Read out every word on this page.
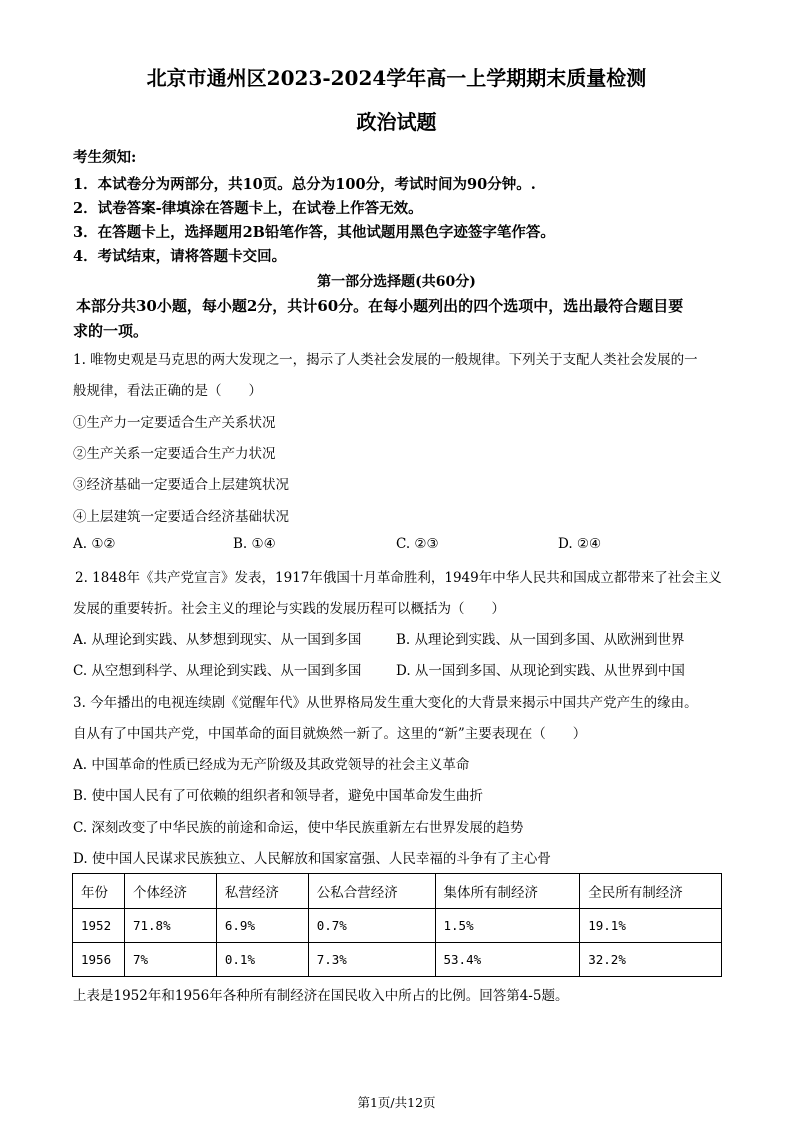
北京市通州区2023-2024学年高一上学期期末质量检测
政治试题
考生须知:
1．本试卷分为两部分，共10页。总分为100分，考试时间为90分钟。.
2．试卷答案-律填涂在答题卡上，在试卷上作答无效。
3．在答题卡上，选择题用2B铅笔作答，其他试题用黑色字迹签字笔作答。
4．考试结束，请将答题卡交回。
第一部分选择题(共60分)
本部分共30小题，每小题2分，共计60分。在每小题列出的四个选项中，选出最符合题目要
求的一项。
1. 唯物史观是马克思的两大发现之一，揭示了人类社会发展的一般规律。下列关于支配人类社会发展的一
般规律，看法正确的是（　　）
①生产力一定要适合生产关系状况
②生产关系一定要适合生产力状况
③经济基础一定要适合上层建筑状况
④上层建筑一定要适合经济基础状况
A. ①②	B. ①④	C. ②③	D. ②④
2. 1848年《共产党宣言》发表，1917年俄国十月革命胜利，1949年中华人民共和国成立都带来了社会主义
发展的重要转折。社会主义的理论与实践的发展历程可以概括为（　　）
A. 从理论到实践、从梦想到现实、从一国到多国	B. 从理论到实践、从一国到多国、从欧洲到世界
C. 从空想到科学、从理论到实践、从一国到多国	D. 从一国到多国、从现论到实践、从世界到中国
3. 今年播出的电视连续剧《觉醒年代》从世界格局发生重大变化的大背景来揭示中国共产党产生的缘由。
自从有了中国共产党，中国革命的面目就焕然一新了。这里的“新”主要表现在（　　）
A. 中国革命的性质已经成为无产阶级及其政党领导的社会主义革命
B. 使中国人民有了可依赖的组织者和领导者，避免中国革命发生曲折
C. 深刻改变了中华民族的前途和命运，使中华民族重新左右世界发展的趋势
D. 使中国人民谋求民族独立、人民解放和国家富强、人民幸福的斗争有了主心骨
年份	个体经济	私营经济	公私合营经济	集体所有制经济	全民所有制经济
1952	71.8%	6.9%	0.7%	1.5%	19.1%
1956	7%	0.1%	7.3%	53.4%	32.2%
上表是1952年和1956年各种所有制经济在国民收入中所占的比例。回答第4-5题。
第1页/共12页
